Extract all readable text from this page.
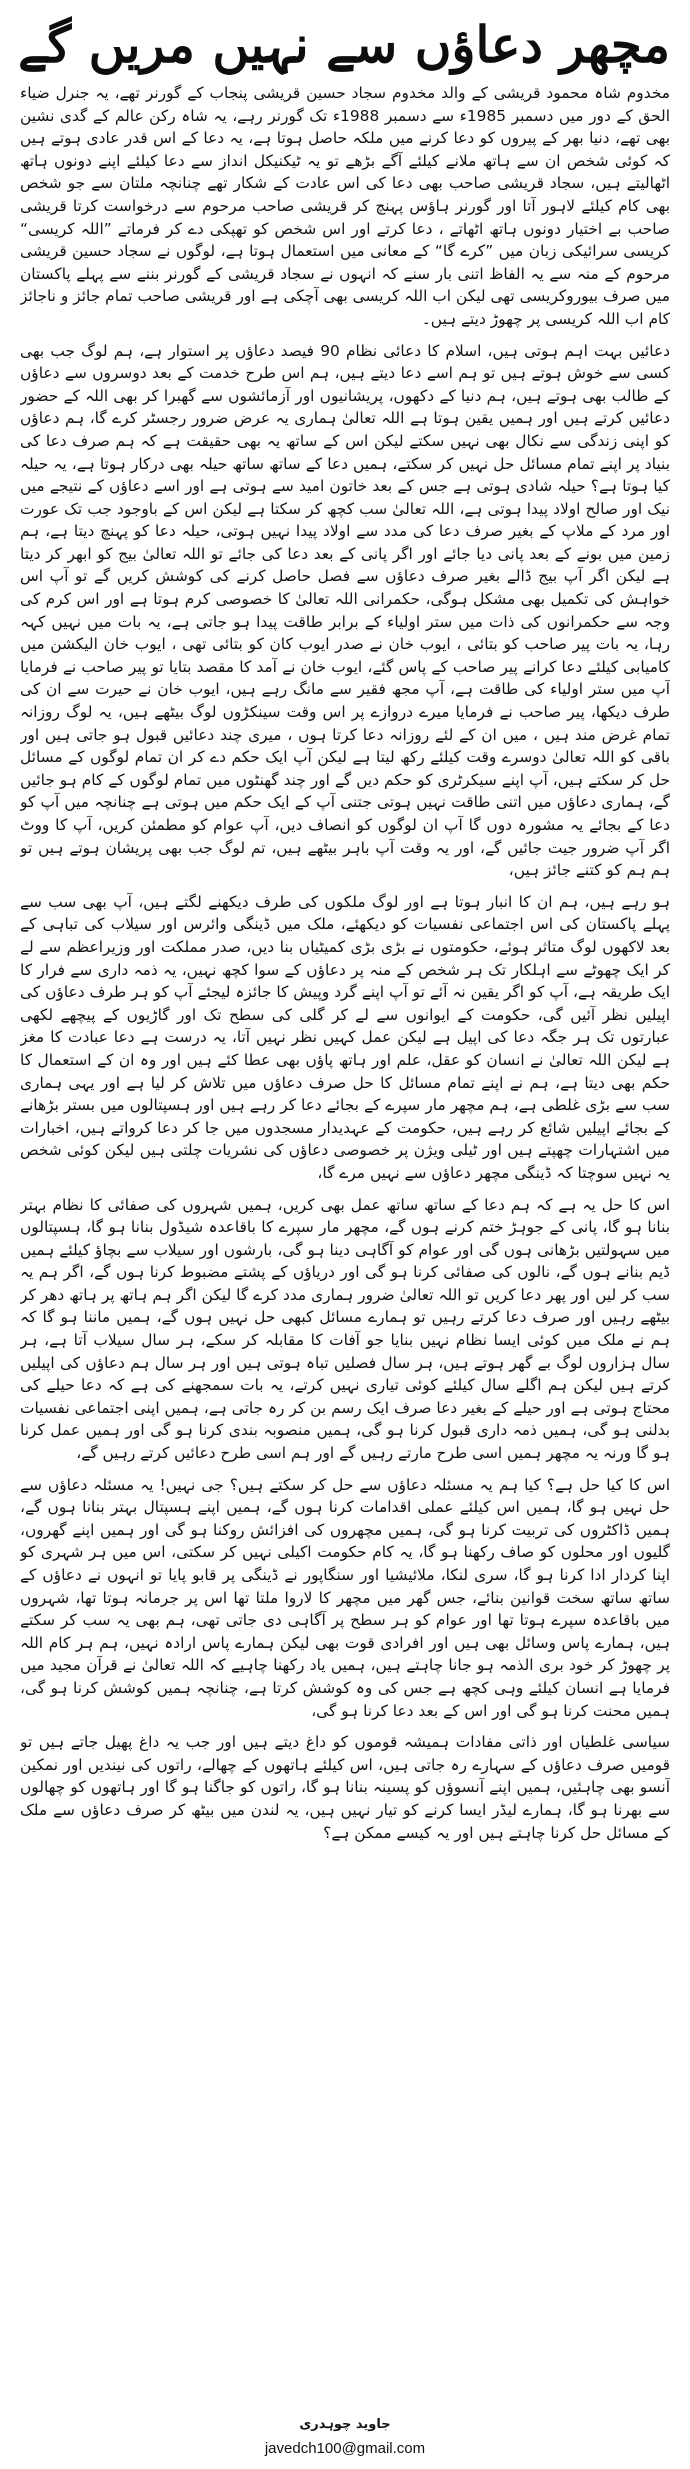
مچھر دعاؤں سے نہیں مریں گے

مخدوم شاہ محمود قریشی کے والد مخدوم سجاد حسین قریشی پنجاب کے گورنر تھے، یہ جنرل ضیاء الحق کے دور میں دسمبر 1985ء سے دسمبر 1988ء تک گورنر رہے، یہ شاہ رکن عالم کے گدی نشین بھی تھے، دنیا بھر کے پیروں کو دعا کرنے میں ملکہ حاصل ہوتا ہے، یہ دعا کے اس قدر عادی ہوتے ہیں کہ کوئی شخص ان سے ہاتھ ملانے کیلئے آگے بڑھے تو یہ ٹیکنیکل انداز سے دعا کیلئے اپنے دونوں ہاتھ اٹھالیتے ہیں، سجاد قریشی صاحب بھی دعا کی اس عادت کے شکار تھے چنانچہ ملتان سے جو شخص بھی کام کیلئے لاہور آتا اور گورنر ہاؤس پہنچ کر قریشی صاحب مرحوم سے درخواست کرتا قریشی صاحب بے اختیار دونوں ہاتھ اٹھاتے ، دعا کرتے اور اس شخص کو تھپکی دے کر فرماتے ”اللہ کریسی“ کریسی سرائیکی زبان میں ”کرے گا“ کے معانی میں استعمال ہوتا ہے، لوگوں نے سجاد حسین قریشی مرحوم کے منہ سے یہ الفاظ اتنی بار سنے کہ انہوں نے سجاد قریشی کے گورنر بننے سے پہلے پاکستان میں صرف بیوروکریسی تھی لیکن اب اللہ کریسی بھی آچکی ہے اور قریشی صاحب تمام جائز و ناجائز کام اب اللہ کریسی پر چھوڑ دیتے ہیں۔

دعائیں بہت اہم ہوتی ہیں، اسلام کا دعائی نظام 90 فیصد دعاؤں پر استوار ہے، ہم لوگ جب بھی کسی سے خوش ہوتے ہیں تو ہم اسے دعا دیتے ہیں، ہم اس طرح خدمت کے بعد دوسروں سے دعاؤں کے طالب بھی ہوتے ہیں، ہم دنیا کے دکھوں، پریشانیوں اور آزمائشوں سے گھبرا کر بھی اللہ کے حضور دعائیں کرتے ہیں اور ہمیں یقین ہوتا ہے اللہ تعالیٰ ہماری یہ عرض ضرور رجسٹر کرے گا، ہم دعاؤں کو اپنی زندگی سے نکال بھی نہیں سکتے لیکن اس کے ساتھ یہ بھی حقیقت ہے کہ ہم صرف دعا کی بنیاد پر اپنے تمام مسائل حل نہیں کر سکتے، ہمیں دعا کے ساتھ ساتھ حیلہ بھی درکار ہوتا ہے، یہ حیلہ کیا ہوتا ہے؟ حیلہ شادی ہوتی ہے جس کے بعد خاتون امید سے ہوتی ہے اور اسے دعاؤں کے نتیجے میں نیک اور صالح اولاد پیدا ہوتی ہے، اللہ تعالیٰ سب کچھ کر سکتا ہے لیکن اس کے باوجود جب تک عورت اور مرد کے ملاپ کے بغیر صرف دعا کی مدد سے اولاد پیدا نہیں ہوتی، حیلہ دعا کو پہنچ دیتا ہے، ہم زمین میں بونے کے بعد پانی دیا جائے اور اگر پانی کے بعد دعا کی جائے تو اللہ تعالیٰ بیج کو ابھر کر دیتا ہے لیکن اگر آپ بیج ڈالے بغیر صرف دعاؤں سے فصل حاصل کرنے کی کوشش کریں گے تو آپ اس خواہش کی تکمیل بھی مشکل ہوگی، حکمرانی اللہ تعالیٰ کا خصوصی کرم ہوتا ہے اور اس کرم کی وجہ سے حکمرانوں کی ذات میں ستر اولیاء کے برابر طاقت پیدا ہو جاتی ہے، یہ بات میں نہیں کہہ رہا، یہ بات پیر صاحب کو بتائی ، ایوب خان نے صدر ایوب کان کو بتائی تھی ، ایوب خان الیکشن میں کامیابی کیلئے دعا کرانے پیر صاحب کے پاس گئے، ایوب خان نے آمد کا مقصد بتایا تو پیر صاحب نے فرمایا آپ میں ستر اولیاء کی طاقت ہے، آپ مجھ فقیر سے مانگ رہے ہیں، ایوب خان نے حیرت سے ان کی طرف دیکھا، پیر صاحب نے فرمایا میرے دروازے پر اس وقت سینکڑوں لوگ بیٹھے ہیں، یہ لوگ روزانہ تمام غرض مند ہیں ، میں ان کے لئے روزانہ دعا کرتا ہوں ، میری چند دعائیں قبول ہو جاتی ہیں اور باقی کو اللہ تعالیٰ دوسرے وقت کیلئے رکھ لیتا ہے لیکن آپ ایک حکم دے کر ان تمام لوگوں کے مسائل حل کر سکتے ہیں، آپ اپنے سیکرٹری کو حکم دیں گے اور چند گھنٹوں میں تمام لوگوں کے کام ہو جائیں گے، ہماری دعاؤں میں اتنی طاقت نہیں ہوتی جتنی آپ کے ایک حکم میں ہوتی ہے چنانچہ میں آپ کو دعا کے بجائے یہ مشورہ دوں گا آپ ان لوگوں کو انصاف دیں، آپ عوام کو مطمئن کریں، آپ کا ووٹ اگر آپ ضرور جیت جائیں گے، اور یہ وقت آپ باہر بیٹھے ہیں، تم لوگ جب بھی پریشان ہوتے ہیں تو ہم ہم کو کتنے جائز ہیں،

ہو رہے ہیں، ہم ان کا انبار ہوتا ہے اور لوگ ملکوں کی طرف دیکھنے لگتے ہیں، آپ بھی سب سے پہلے پاکستان کی اس اجتماعی نفسیات کو دیکھئے، ملک میں ڈینگی وائرس اور سیلاب کی تباہی کے بعد لاکھوں لوگ متاثر ہوئے، حکومتوں نے بڑی بڑی کمیٹیاں بنا دیں، صدر مملکت اور وزیراعظم سے لے کر ایک چھوٹے سے اہلکار تک ہر شخص کے منہ پر دعاؤں کے سوا کچھ نہیں، یہ ذمہ داری سے فرار کا ایک طریقہ ہے، آپ کو اگر یقین نہ آئے تو آپ اپنے گرد وپیش کا جائزہ لیجئے آپ کو ہر طرف دعاؤں کی اپیلیں نظر آئیں گی، حکومت کے ایوانوں سے لے کر گلی کی سطح تک اور گاڑیوں کے پیچھے لکھی عبارتوں تک ہر جگہ دعا کی اپیل ہے لیکن عمل کہیں نظر نہیں آتا، یہ درست ہے دعا عبادت کا مغز ہے لیکن اللہ تعالیٰ نے انسان کو عقل، علم اور ہاتھ پاؤں بھی عطا کئے ہیں اور وہ ان کے استعمال کا حکم بھی دیتا ہے، ہم نے اپنے تمام مسائل کا حل صرف دعاؤں میں تلاش کر لیا ہے اور یہی ہماری سب سے بڑی غلطی ہے، ہم مچھر مار سپرے کے بجائے دعا کر رہے ہیں اور ہسپتالوں میں بستر بڑھانے کے بجائے اپیلیں شائع کر رہے ہیں، حکومت کے عہدیدار مسجدوں میں جا کر دعا کرواتے ہیں، اخبارات میں اشتہارات چھپتے ہیں اور ٹیلی ویژن پر خصوصی دعاؤں کی نشریات چلتی ہیں لیکن کوئی شخص یہ نہیں سوچتا کہ ڈینگی مچھر دعاؤں سے نہیں مرے گا،

اس کا حل یہ ہے کہ ہم دعا کے ساتھ ساتھ عمل بھی کریں، ہمیں شہروں کی صفائی کا نظام بہتر بنانا ہو گا، پانی کے جوہڑ ختم کرنے ہوں گے، مچھر مار سپرے کا باقاعدہ شیڈول بنانا ہو گا، ہسپتالوں میں سہولتیں بڑھانی ہوں گی اور عوام کو آگاہی دینا ہو گی، بارشوں اور سیلاب سے بچاؤ کیلئے ہمیں ڈیم بنانے ہوں گے، نالوں کی صفائی کرنا ہو گی اور دریاؤں کے پشتے مضبوط کرنا ہوں گے، اگر ہم یہ سب کر لیں اور پھر دعا کریں تو اللہ تعالیٰ ضرور ہماری مدد کرے گا لیکن اگر ہم ہاتھ پر ہاتھ دھر کر بیٹھے رہیں اور صرف دعا کرتے رہیں تو ہمارے مسائل کبھی حل نہیں ہوں گے، ہمیں ماننا ہو گا کہ ہم نے ملک میں کوئی ایسا نظام نہیں بنایا جو آفات کا مقابلہ کر سکے، ہر سال سیلاب آتا ہے، ہر سال ہزاروں لوگ بے گھر ہوتے ہیں، ہر سال فصلیں تباہ ہوتی ہیں اور ہر سال ہم دعاؤں کی اپیلیں کرتے ہیں لیکن ہم اگلے سال کیلئے کوئی تیاری نہیں کرتے، یہ بات سمجھنے کی ہے کہ دعا حیلے کی محتاج ہوتی ہے اور حیلے کے بغیر دعا صرف ایک رسم بن کر رہ جاتی ہے، ہمیں اپنی اجتماعی نفسیات بدلنی ہو گی، ہمیں ذمہ داری قبول کرنا ہو گی، ہمیں منصوبہ بندی کرنا ہو گی اور ہمیں عمل کرنا ہو گا ورنہ یہ مچھر ہمیں اسی طرح مارتے رہیں گے اور ہم اسی طرح دعائیں کرتے رہیں گے،

اس کا کیا حل ہے؟ کیا ہم یہ مسئلہ دعاؤں سے حل کر سکتے ہیں؟ جی نہیں! یہ مسئلہ دعاؤں سے حل نہیں ہو گا، ہمیں اس کیلئے عملی اقدامات کرنا ہوں گے، ہمیں اپنے ہسپتال بہتر بنانا ہوں گے، ہمیں ڈاکٹروں کی تربیت کرنا ہو گی، ہمیں مچھروں کی افزائش روکنا ہو گی اور ہمیں اپنے گھروں، گلیوں اور محلوں کو صاف رکھنا ہو گا، یہ کام حکومت اکیلی نہیں کر سکتی، اس میں ہر شہری کو اپنا کردار ادا کرنا ہو گا، سری لنکا، ملائیشیا اور سنگاپور نے ڈینگی پر قابو پایا تو انہوں نے دعاؤں کے ساتھ ساتھ سخت قوانین بنائے، جس گھر میں مچھر کا لاروا ملتا تھا اس پر جرمانہ ہوتا تھا، شہروں میں باقاعدہ سپرے ہوتا تھا اور عوام کو ہر سطح پر آگاہی دی جاتی تھی، ہم بھی یہ سب کر سکتے ہیں، ہمارے پاس وسائل بھی ہیں اور افرادی قوت بھی لیکن ہمارے پاس ارادہ نہیں، ہم ہر کام اللہ پر چھوڑ کر خود بری الذمہ ہو جانا چاہتے ہیں، ہمیں یاد رکھنا چاہیے کہ اللہ تعالیٰ نے قرآن مجید میں فرمایا ہے انسان کیلئے وہی کچھ ہے جس کی وہ کوشش کرتا ہے، چنانچہ ہمیں کوشش کرنا ہو گی، ہمیں محنت کرنا ہو گی اور اس کے بعد دعا کرنا ہو گی،

سیاسی غلطیاں اور ذاتی مفادات ہمیشہ قوموں کو داغ دیتے ہیں اور جب یہ داغ پھیل جاتے ہیں تو قومیں صرف دعاؤں کے سہارے رہ جاتی ہیں، اس کیلئے ہاتھوں کے چھالے، راتوں کی نیندیں اور نمکین آنسو بھی چاہئیں، ہمیں اپنے آنسوؤں کو پسینہ بنانا ہو گا، راتوں کو جاگنا ہو گا اور ہاتھوں کو چھالوں سے بھرنا ہو گا، ہمارے لیڈر ایسا کرنے کو تیار نہیں ہیں، یہ لندن میں بیٹھ کر صرف دعاؤں سے ملک کے مسائل حل کرنا چاہتے ہیں اور یہ کیسے ممکن ہے؟

جاوید چوہدری
javedch100@gmail.com
